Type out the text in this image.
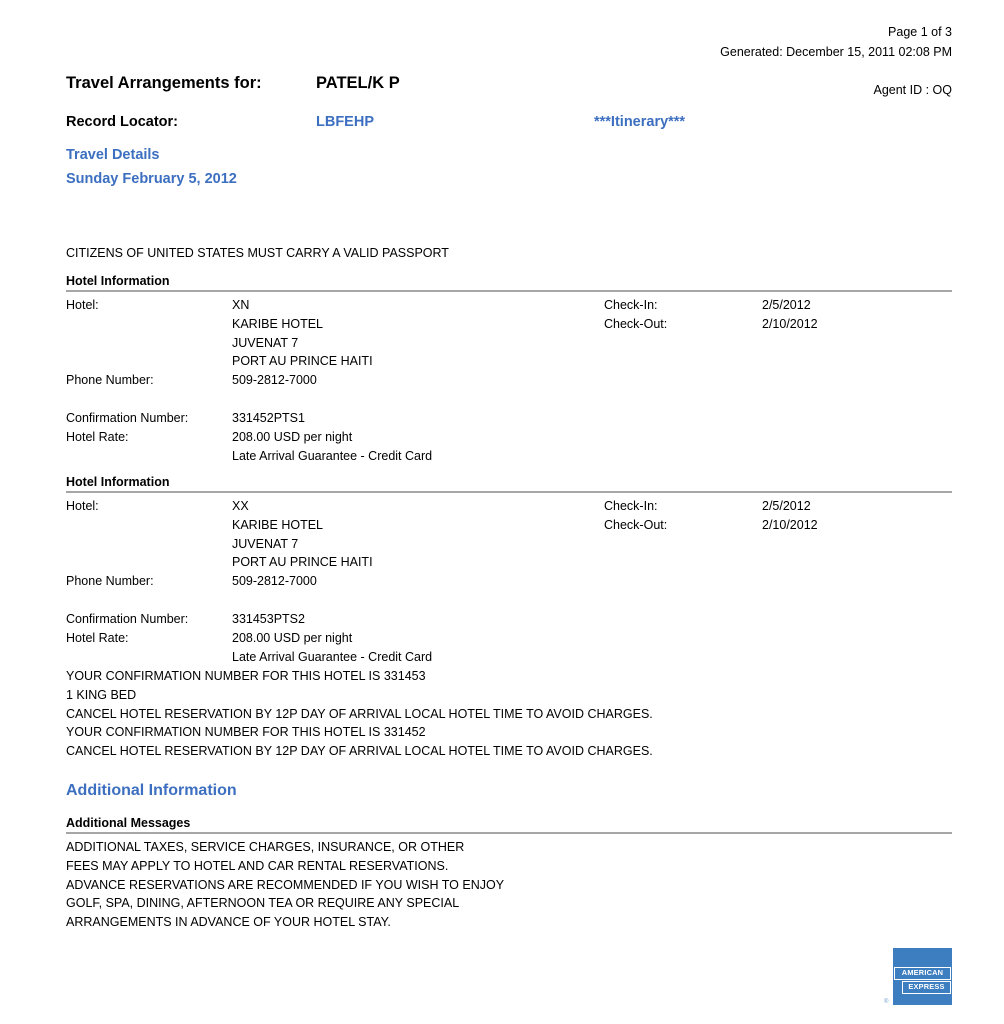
Page 1 of 3
Generated: December 15, 2011 02:08 PM
Agent ID : OQ
Travel Arrangements for:	PATEL/K P
Record Locator:	LBFEHP	***Itinerary***
Travel Details
Sunday February 5, 2012
CITIZENS OF UNITED STATES MUST CARRY A VALID PASSPORT
Hotel Information
Hotel:	XN	Check-In:	2/5/2012
KARIBE HOTEL	Check-Out:	2/10/2012
JUVENAT 7
PORT AU PRINCE HAITI
Phone Number:	509-2812-7000
Confirmation Number:	331452PTS1
Hotel Rate:	208.00 USD per night
Late Arrival Guarantee - Credit Card
Hotel Information
Hotel:	XX	Check-In:	2/5/2012
KARIBE HOTEL	Check-Out:	2/10/2012
JUVENAT 7
PORT AU PRINCE HAITI
Phone Number:	509-2812-7000
Confirmation Number:	331453PTS2
Hotel Rate:	208.00 USD per night
Late Arrival Guarantee - Credit Card
YOUR CONFIRMATION NUMBER FOR THIS HOTEL IS 331453
1 KING BED
CANCEL HOTEL RESERVATION BY 12P DAY OF ARRIVAL LOCAL HOTEL TIME TO AVOID CHARGES.
YOUR CONFIRMATION NUMBER FOR THIS HOTEL IS 331452
CANCEL HOTEL RESERVATION BY 12P DAY OF ARRIVAL LOCAL HOTEL TIME TO AVOID CHARGES.
Additional Information
Additional Messages
ADDITIONAL TAXES, SERVICE CHARGES, INSURANCE, OR OTHER
FEES MAY APPLY TO HOTEL AND CAR RENTAL RESERVATIONS.
ADVANCE RESERVATIONS ARE RECOMMENDED IF YOU WISH TO ENJOY
GOLF, SPA, DINING, AFTERNOON TEA OR REQUIRE ANY SPECIAL
ARRANGEMENTS IN ADVANCE OF YOUR HOTEL STAY.
AMERICAN
EXPRESS
®
